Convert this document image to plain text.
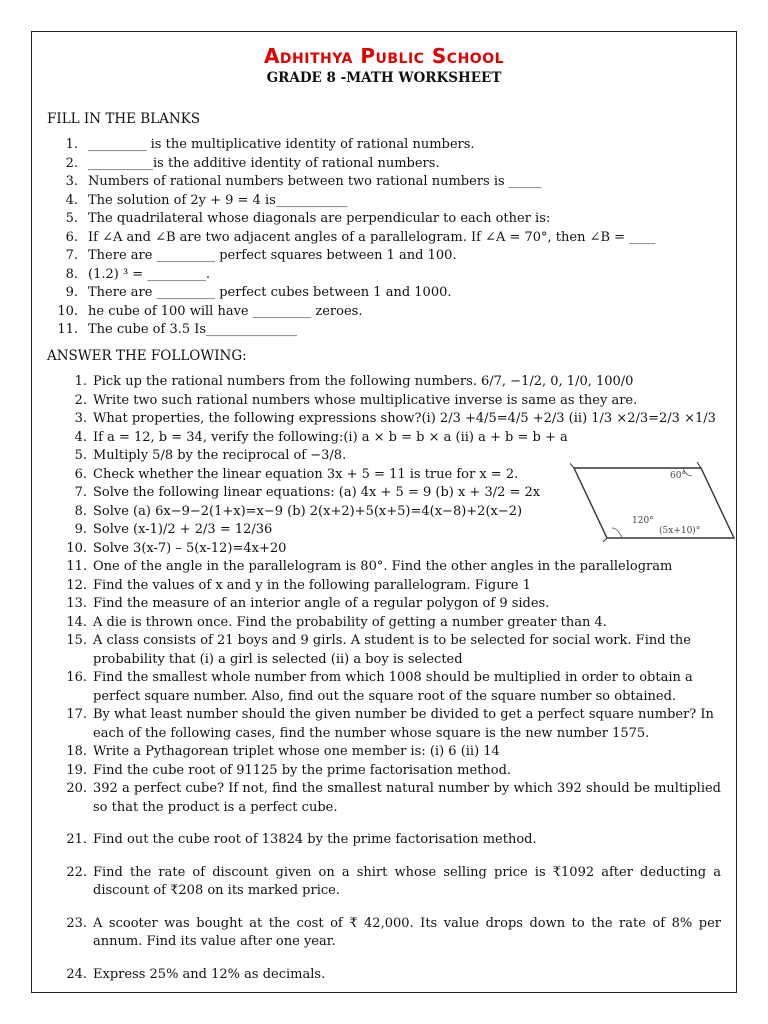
Adhithya Public School
GRADE 8 -MATH WORKSHEET
FILL IN THE BLANKS
1. _________ is the multiplicative identity of rational numbers.
2. __________is the additive identity of rational numbers.
3. Numbers of rational numbers between two rational numbers is _____
4. The solution of 2y + 9 = 4 is___________
5. The quadrilateral whose diagonals are perpendicular to each other is:
6. If ∠A and ∠B are two adjacent angles of a parallelogram. If ∠A = 70°, then ∠B = ____
7. There are _________ perfect squares between 1 and 100.
8. (1.2) ³ = _________.
9. There are _________ perfect cubes between 1 and 1000.
10. he cube of 100 will have _________ zeroes.
11. The cube of 3.5 Is______________
ANSWER THE FOLLOWING:
1. Pick up the rational numbers from the following numbers. 6/7, −1/2, 0, 1/0, 100/0
2. Write two such rational numbers whose multiplicative inverse is same as they are.
3. What properties, the following expressions show?(i) 2/3 +4/5=4/5 +2/3 (ii) 1/3 ×2/3=2/3 ×1/3
4. If a = 12, b = 34, verify the following:(i) a × b = b × a (ii) a + b = b + a
5. Multiply 5/8 by the reciprocal of −3/8.
6. Check whether the linear equation 3x + 5 = 11 is true for x = 2.
7. Solve the following linear equations: (a) 4x + 5 = 9 (b) x + 3/2 = 2x
8. Solve (a) 6x−9−2(1+x)=x−9 (b) 2(x+2)+5(x+5)=4(x−8)+2(x−2)
9. Solve (x-1)/2 + 2/3 = 12/36
10. Solve 3(x-7) – 5(x-12)=4x+20
11. One of the angle in the parallelogram is 80°. Find the other angles in the parallelogram
12. Find the values of x and y in the following parallelogram. Figure 1
13. Find the measure of an interior angle of a regular polygon of 9 sides.
14. A die is thrown once. Find the probability of getting a number greater than 4.
15. A class consists of 21 boys and 9 girls. A student is to be selected for social work. Find the probability that (i) a girl is selected (ii) a boy is selected
16. Find the smallest whole number from which 1008 should be multiplied in order to obtain a perfect square number. Also, find out the square root of the square number so obtained.
17. By what least number should the given number be divided to get a perfect square number? In each of the following cases, find the number whose square is the new number 1575.
18. Write a Pythagorean triplet whose one member is: (i) 6 (ii) 14
19. Find the cube root of 91125 by the prime factorisation method.
20. 392 a perfect cube? If not, find the smallest natural number by which 392 should be multiplied so that the product is a perfect cube.
21. Find out the cube root of 13824 by the prime factorisation method.
22. Find the rate of discount given on a shirt whose selling price is ₹1092 after deducting a discount of ₹208 on its marked price.
23. A scooter was bought at the cost of ₹ 42,000. Its value drops down to the rate of 8% per annum. Find its value after one year.
24. Express 25% and 12% as decimals.
60°
120°
(5x+10)°
